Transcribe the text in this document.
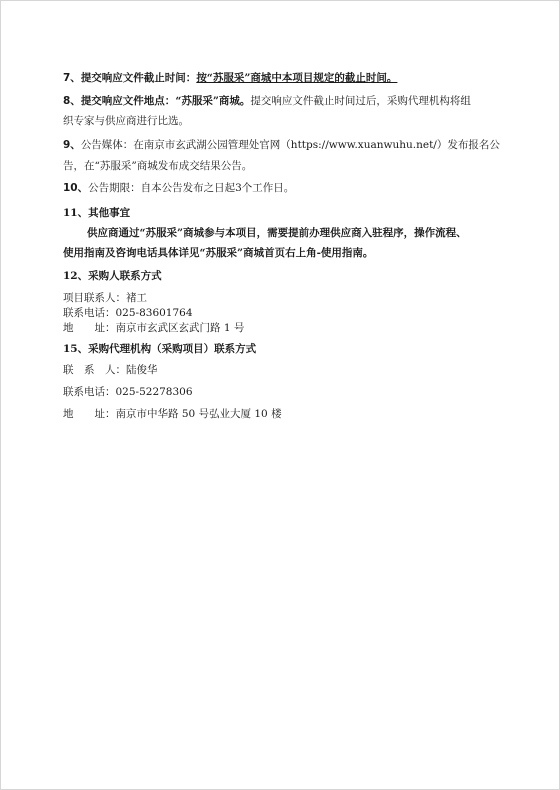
7、提交响应文件截止时间：按“苏服采”商城中本项目规定的截止时间。
8、提交响应文件地点：“苏服采”商城。提交响应文件截止时间过后，采购代理机构将组
织专家与供应商进行比选。
9、公告媒体：在南京市玄武湖公园管理处官网（https://www.xuanwuhu.net/）发布报名公
告，在“苏服采”商城发布成交结果公告。
10、公告期限：自本公告发布之日起3个工作日。
11、其他事宜
供应商通过“苏服采”商城参与本项目，需要提前办理供应商入驻程序，操作流程、
使用指南及咨询电话具体详见“苏服采”商城首页右上角-使用指南。
12、采购人联系方式
项目联系人：褚工
联系电话：025-83601764
地　　址：南京市玄武区玄武门路 1 号
15、采购代理机构（采购项目）联系方式
联　系　人：陆俊华
联系电话：025-52278306
地　　址：南京市中华路 50 号弘业大厦 10 楼
